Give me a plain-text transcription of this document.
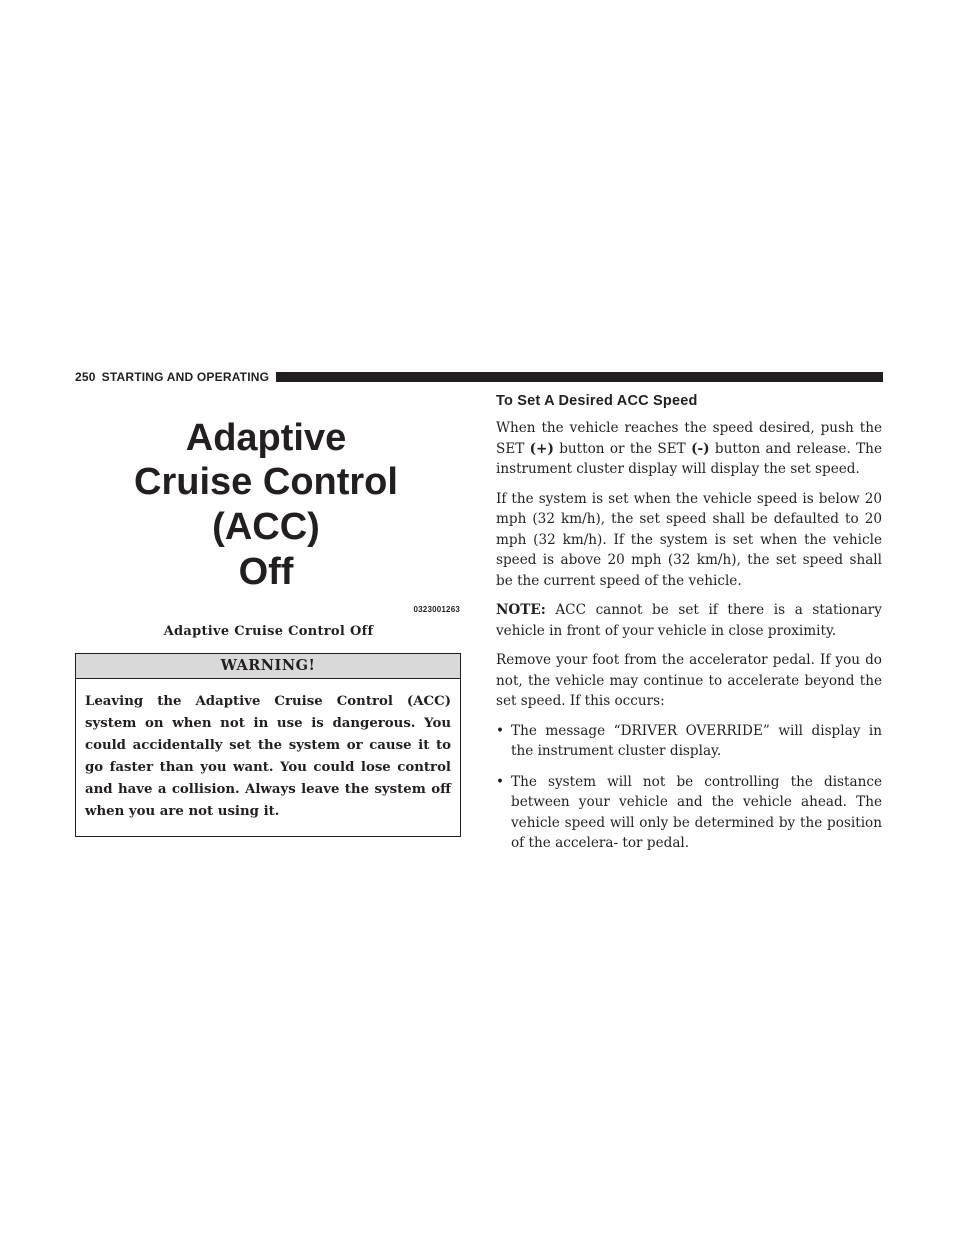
250 STARTING AND OPERATING
Adaptive
Cruise Control
(ACC)
Off
0323001263
Adaptive Cruise Control Off
WARNING!
Leaving the Adaptive Cruise Control (ACC) system on when not in use is dangerous. You could accidentally set the system or cause it to go faster than you want. You could lose control and have a collision. Always leave the system off when you are not using it.
To Set A Desired ACC Speed

When the vehicle reaches the speed desired, push the SET (+) button or the SET (-) button and release. The instrument cluster display will display the set speed.

If the system is set when the vehicle speed is below 20 mph (32 km/h), the set speed shall be defaulted to 20 mph (32 km/h). If the system is set when the vehicle speed is above 20 mph (32 km/h), the set speed shall be the current speed of the vehicle.

NOTE: ACC cannot be set if there is a stationary vehicle in front of your vehicle in close proximity.

Remove your foot from the accelerator pedal. If you do not, the vehicle may continue to accelerate beyond the set speed. If this occurs:

• The message “DRIVER OVERRIDE” will display in the instrument cluster display.
• The system will not be controlling the distance between your vehicle and the vehicle ahead. The vehicle speed will only be determined by the position of the accelera- tor pedal.
